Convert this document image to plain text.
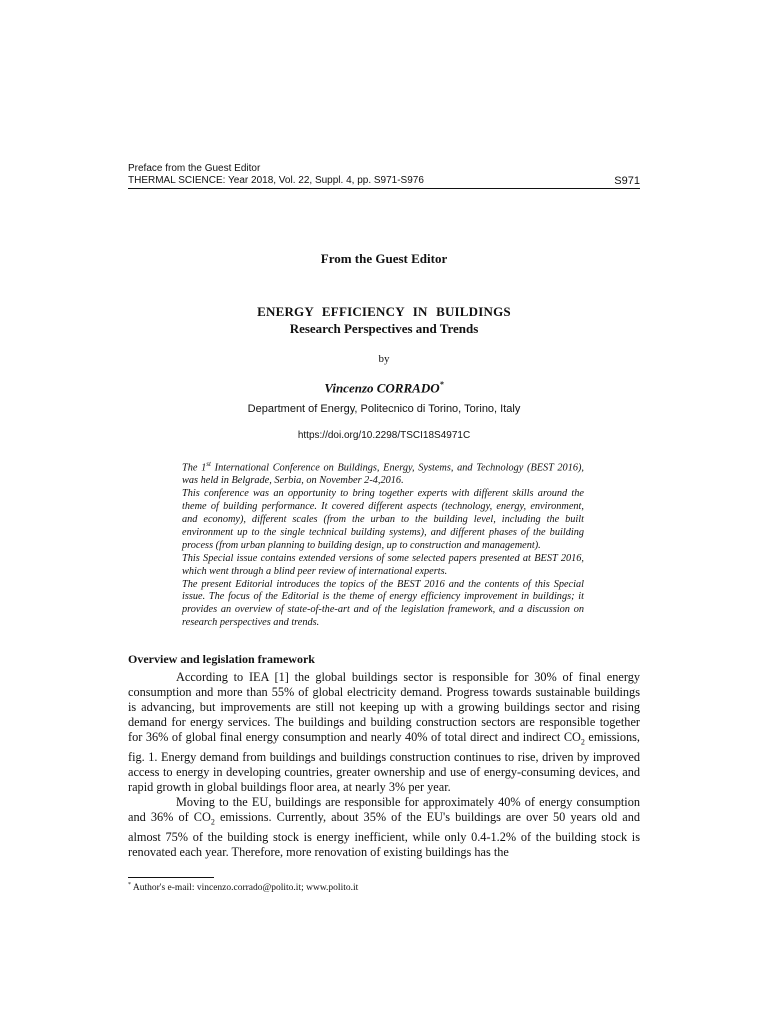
Preface from the Guest Editor
THERMAL SCIENCE: Year 2018, Vol. 22, Suppl. 4, pp. S971-S976	S971
From the Guest Editor
ENERGY EFFICIENCY IN BUILDINGS
Research Perspectives and Trends
by
Vincenzo CORRADO*
Department of Energy, Politecnico di Torino, Torino, Italy
https://doi.org/10.2298/TSCI18S4971C

The 1st International Conference on Buildings, Energy, Systems, and Technology (BEST 2016), was held in Belgrade, Serbia, on November 2-4,2016.

This conference was an opportunity to bring together experts with different skills around the theme of building performance. It covered different aspects (technology, energy, environment, and economy), different scales (from the urban to the building level, including the built environment up to the single technical building systems), and different phases of the building process (from urban planning to building design, up to construction and management).

This Special issue contains extended versions of some selected papers presented at BEST 2016, which went through a blind peer review of international experts.

The present Editorial introduces the topics of the BEST 2016 and the contents of this Special issue. The focus of the Editorial is the theme of energy efficiency improvement in buildings; it provides an overview of state-of-the-art and of the legislation framework, and a discussion on research perspectives and trends.

Overview and legislation framework

According to IEA [1] the global buildings sector is responsible for 30% of final energy consumption and more than 55% of global electricity demand. Progress towards sustainable buildings is advancing, but improvements are still not keeping up with a growing buildings sector and rising demand for energy services. The buildings and building construction sectors are responsible together for 36% of global final energy consumption and nearly 40% of total direct and indirect $CO_2$ emissions, fig. 1. Energy demand from buildings and buildings construction continues to rise, driven by improved access to energy in developing countries, greater ownership and use of energy-consuming devices, and rapid growth in global buildings floor area, at nearly 3% per year.

Moving to the EU, buildings are responsible for approximately 40% of energy consumption and 36% of $CO_2$ emissions. Currently, about 35% of the EU's buildings are over 50 years old and almost 75% of the building stock is energy inefficient, while only 0.4-1.2% of the building stock is renovated each year. Therefore, more renovation of existing buildings has the

* Author's e-mail: vincenzo.corrado@polito.it; www.polito.it
